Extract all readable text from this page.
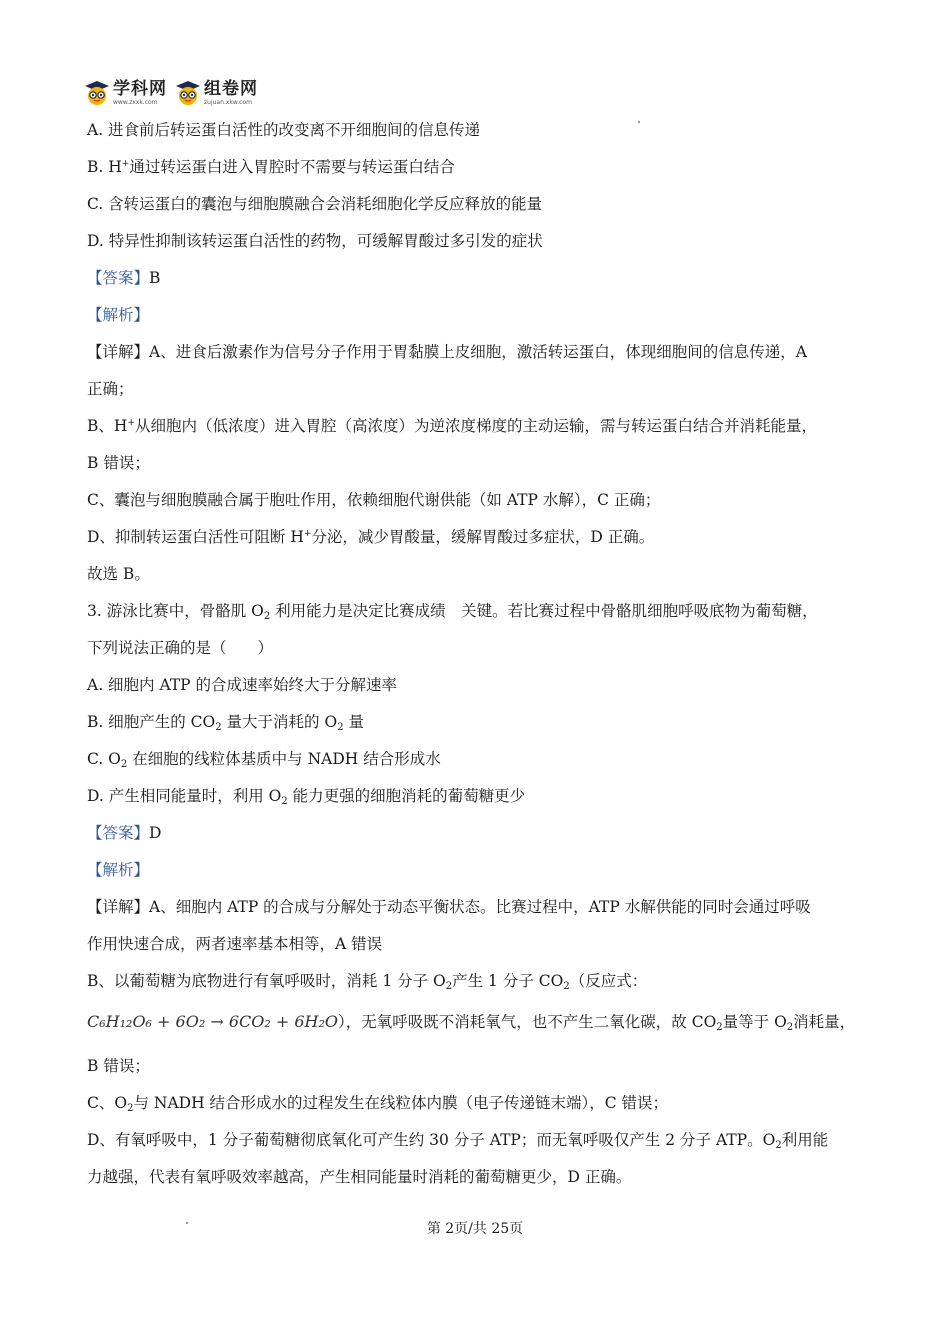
学科网
www.zxxk.com
组卷网
zujuan.xkw.com
A. 进食前后转运蛋白活性的改变离不开细胞间的信息传递
B. H+通过转运蛋白进入胃腔时不需要与转运蛋白结合
C. 含转运蛋白的囊泡与细胞膜融合会消耗细胞化学反应释放的能量
D. 特异性抑制该转运蛋白活性的药物，可缓解胃酸过多引发的症状
【答案】B
【解析】
【详解】A、进食后激素作为信号分子作用于胃黏膜上皮细胞，激活转运蛋白，体现细胞间的信息传递，A
正确；
B、H+从细胞内（低浓度）进入胃腔（高浓度）为逆浓度梯度的主动运输，需与转运蛋白结合并消耗能量，
B 错误；
C、囊泡与细胞膜融合属于胞吐作用，依赖细胞代谢供能（如 ATP 水解），C 正确；
D、抑制转运蛋白活性可阻断 H+分泌，减少胃酸量，缓解胃酸过多症状，D 正确。
故选 B。
3. 游泳比赛中，骨骼肌 $O_2$ 利用能力是决定比赛成绩　关键。若比赛过程中骨骼肌细胞呼吸底物为葡萄糖，
下列说法正确的是（　　）
A. 细胞内 ATP 的合成速率始终大于分解速率
B. 细胞产生的 $CO_2$ 量大于消耗的 $O_2$ 量
C. $O_2$ 在细胞的线粒体基质中与 NADH 结合形成水
D. 产生相同能量时，利用 $O_2$ 能力更强的细胞消耗的葡萄糖更少
【答案】D
【解析】
【详解】A、细胞内 ATP 的合成与分解处于动态平衡状态。比赛过程中，ATP 水解供能的同时会通过呼吸
作用快速合成，两者速率基本相等，A 错误
B、以葡萄糖为底物进行有氧呼吸时，消耗 1 分子 $O_2$产生 1 分子 $CO_2$（反应式：
C₆H₁₂O₆ + 6O₂ → 6CO₂ + 6H₂O），无氧呼吸既不消耗氧气，也不产生二氧化碳，故 $CO_2$量等于 $O_2$消耗量，
B 错误；
C、$O_2$与 NADH 结合形成水的过程发生在线粒体内膜（电子传递链末端），C 错误；
D、有氧呼吸中，1 分子葡萄糖彻底氧化可产生约 30 分子 ATP；而无氧呼吸仅产生 2 分子 ATP。$O_2$利用能
力越强，代表有氧呼吸效率越高，产生相同能量时消耗的葡萄糖更少，D 正确。
第 2页/共 25页
